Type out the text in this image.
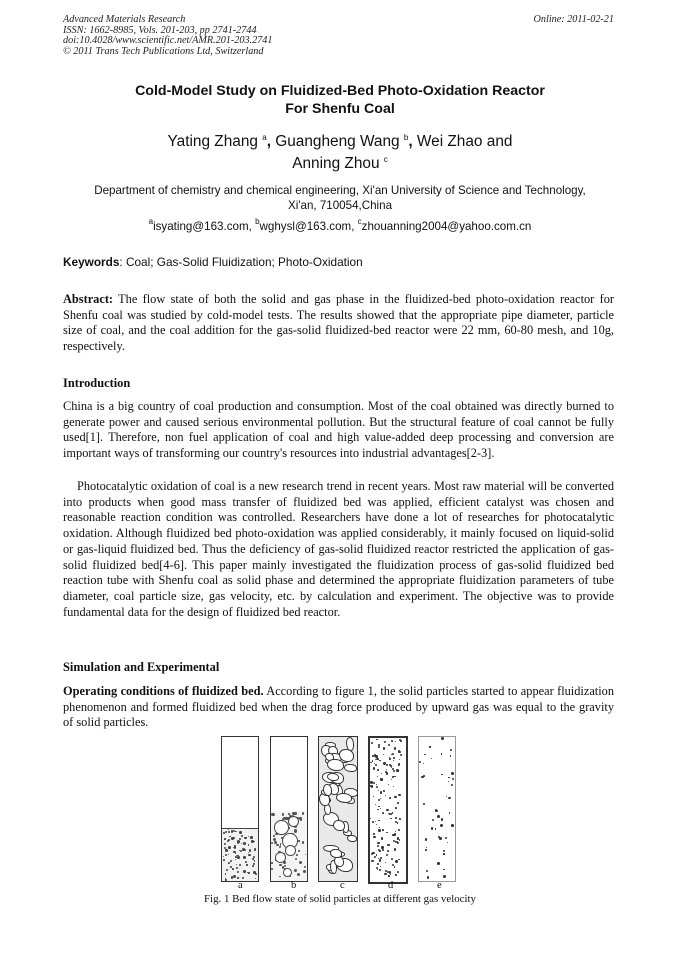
Advanced Materials Research
ISSN: 1662-8985, Vols. 201-203, pp 2741-2744
doi:10.4028/www.scientific.net/AMR.201-203.2741
© 2011 Trans Tech Publications Ltd, Switzerland
Online: 2011-02-21
Cold-Model Study on Fluidized-Bed Photo-Oxidation Reactor
For Shenfu Coal
Yating Zhang $^a$, Guangheng Wang $^b$, Wei Zhao and
Anning Zhou $^c$
Department of chemistry and chemical engineering, Xi'an University of Science and Technology,
Xi'an, 710054,China
$^a$isyating@163.com, $^b$wghysl@163.com, $^c$zhouanning2004@yahoo.com.cn
Keywords: Coal; Gas-Solid Fluidization; Photo-Oxidation
Abstract: The flow state of both the solid and gas phase in the fluidized-bed photo-oxidation reactor for Shenfu coal was studied by cold-model tests. The results showed that the appropriate pipe diameter, particle size of coal, and the coal addition for the gas-solid fluidized-bed reactor were 22 mm, 60-80 mesh, and 10g, respectively.
Introduction
China is a big country of coal production and consumption. Most of the coal obtained was directly burned to generate power and caused serious environmental pollution. But the structural feature of coal cannot be fully used[1]. Therefore, non fuel application of coal and high value-added deep processing and conversion are important ways of transforming our country's resources into industrial advantages[2-3].
Photocatalytic oxidation of coal is a new research trend in recent years. Most raw material will be converted into products when good mass transfer of fluidized bed was applied, efficient catalyst was chosen and reasonable reaction condition was controlled. Researchers have done a lot of researches for photocatalytic oxidation. Although fluidized bed photo-oxidation was applied considerably, it mainly focused on liquid-solid or gas-liquid fluidized bed. Thus the deficiency of gas-solid fluidized reactor restricted the application of gas-solid fluidized bed[4-6]. This paper mainly investigated the fluidization process of gas-solid fluidized bed reaction tube with Shenfu coal as solid phase and determined the appropriate fluidization parameters of tube diameter, coal particle size, gas velocity, etc. by calculation and experiment. The objective was to provide fundamental data for the design of fluidized bed reactor.
Simulation and Experimental
Operating conditions of fluidized bed. According to figure 1, the solid particles started to appear fluidization phenomenon and formed fluidized bed when the drag force produced by upward gas was equal to the gravity of solid particles.
a	b	c	d	e
Fig. 1 Bed flow state of solid particles at different gas velocity
